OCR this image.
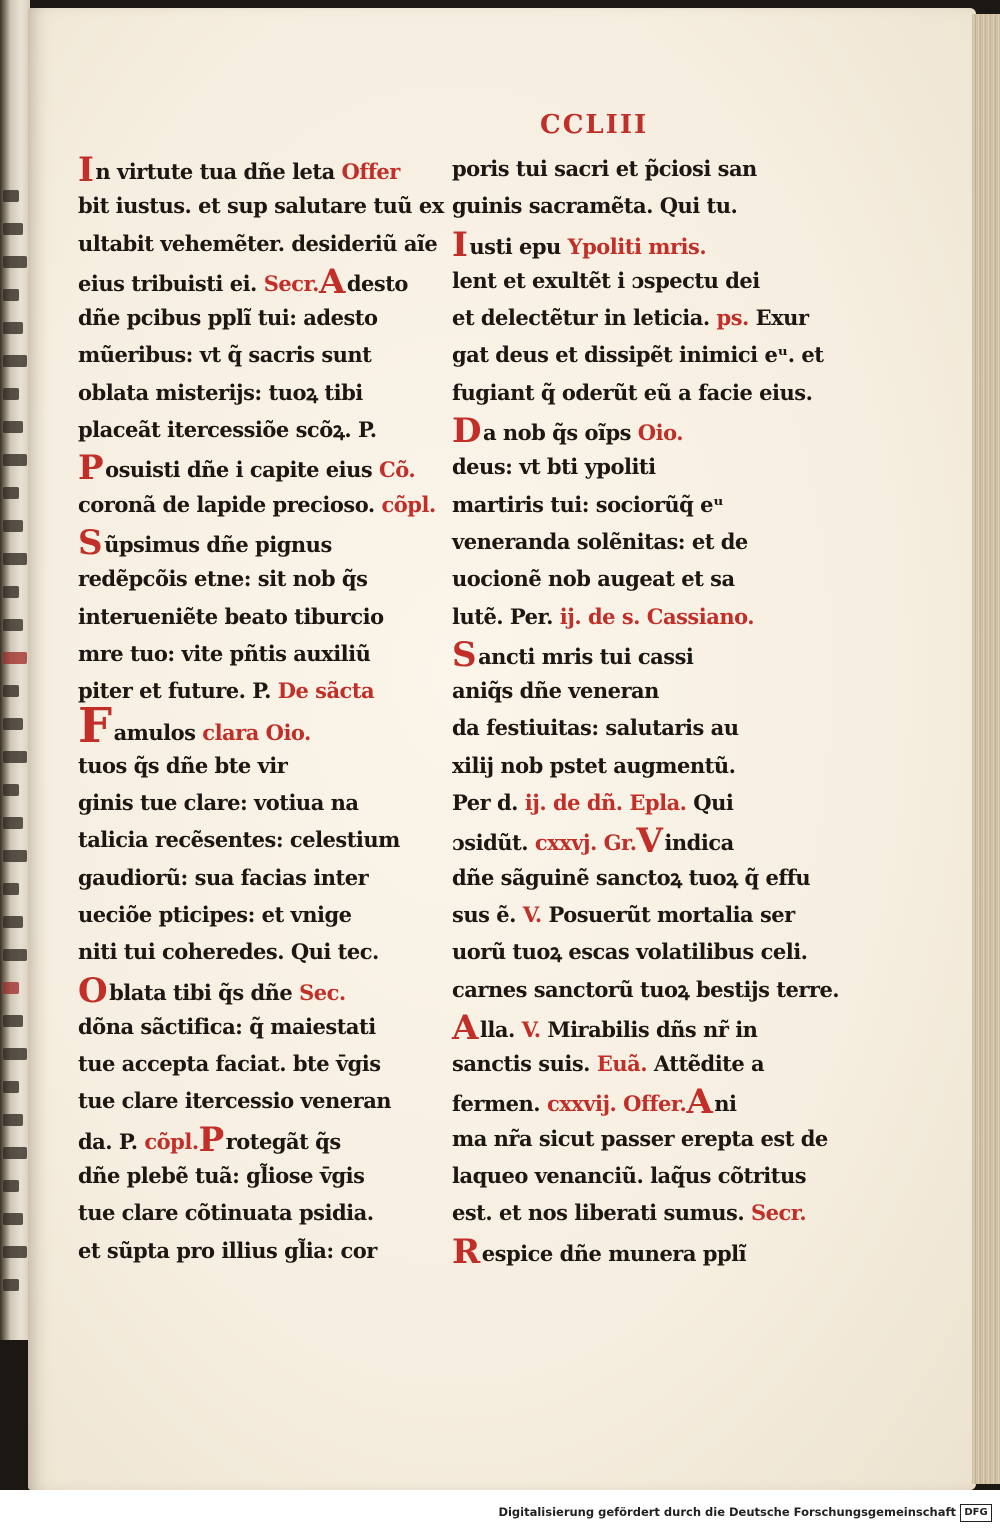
CCLIII
In virtute tua dñe leta Offer
bit iustus. et sup salutare tuũ ex
ultabit vehemẽter. desideriũ aĩe
eius tribuisti ei. Secr.Adesto
dñe pcibus pplĩ tui: adesto
mũeribus: vt q̃ sacris sunt
oblata misterijs: tuoꝝ tibi
placeãt itercessiõe scõꝝ. P.
Posuisti dñe i capite eius Cõ.
coronã de lapide precioso. cõpl.
Sũpsimus dñe pignus
redẽpcõis etne: sit nob q̃s
interueniẽte beato tiburcio
mre tuo: vite pñtis auxiliũ
piter et future. P. De sãcta
Famulos clara Oio.
tuos q̃s dñe bte vir
ginis tue clare: votiua na
talicia recẽsentes: celestium
gaudiorũ: sua facias inter
ueciõe pticipes: et vnige
niti tui coheredes. Qui tec.
Oblata tibi q̃s dñe Sec.
dõna sãctifica: q̃ maiestati
tue accepta faciat. bte v̄gis
tue clare itercessio veneran
da. P. cõpl.Protegãt q̃s
dñe plebẽ tuã: gl̃iose v̄gis
tue clare cõtinuata psidia.
et sũpta pro illius gl̃ia: cor
poris tui sacri et p̃ciosi san
guinis sacramẽta. Qui tu.
Iusti epu Ypoliti mris.
lent et exultẽt i ɔspectu dei
et delectẽtur in leticia. ps. Exur
gat deus et dissipẽt inimici eᵘ. et
fugiant q̃ oderũt eũ a facie eius.
Da nob q̃s oĩps Oio.
deus: vt bti ypoliti
martiris tui: sociorũq̃ eᵘ
veneranda solẽnitas: et de
uocionẽ nob augeat et sa
lutẽ. Per. ij. de s. Cassiano.
Sancti mris tui cassi
aniq̃s dñe veneran
da festiuitas: salutaris au
xilij nob pstet augmentũ.
Per d. ij. de dñ. Epla. Qui
ɔsidũt. cxxvj. Gr.Vindica
dñe sãguinẽ sanctoꝝ tuoꝝ q̃ effu
sus ẽ. V. Posuerũt mortalia ser
uorũ tuoꝝ escas volatilibus celi.
carnes sanctorũ tuoꝝ bestijs terre.
Alla. V. Mirabilis dñs nr̃ in
sanctis suis. Euã. Attẽdite a
fermen. cxxvij. Offer.Ani
ma nr̃a sicut passer erepta est de
laqueo venanciũ. laq̃us cõtritus
est. et nos liberati sumus. Secr.
Respice dñe munera pplĩ
Digitalisierung gefördert durch die Deutsche Forschungsgemeinschaft DFG
